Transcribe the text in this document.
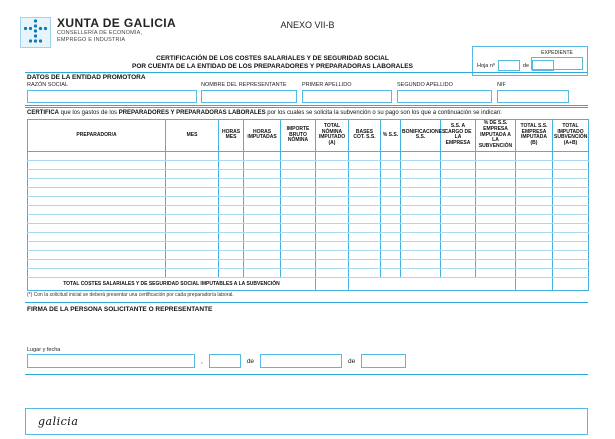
XUNTA DE GALICIA
CONSELLERÍA DE ECONOMÍA,
EMPREGO E INDUSTRIA
ANEXO VII-B
CERTIFICACIÓN DE LOS COSTES SALARIALES Y DE SEGURIDAD SOCIAL
POR CUENTA DE LA ENTIDAD DE LOS PREPARADORES Y PREPARADORAS LABORALES
EXPEDIENTE
Hoja nº	de
DATOS DE LA ENTIDAD PROMOTORA
RAZÓN SOCIAL	NOMBRE DEL REPRESENTANTE	PRIMER APELLIDO	SEGUNDO APELLIDO	NIF
CERTIFICA que los gastos de los PREPARADORES Y PREPARADORAS LABORALES por los cuales se solicita la subvención o su pago son los que a continuación se indican:
PREPARADOR/A	MES	HORAS MES	HORAS IMPUTADAS	IMPORTE BRUTO NÓMINA	TOTAL NÓMINA IMPUTADO (A)	BASES COT. S.S.	% S.S.	BONIFICACIONES S.S.	S.S. A CARGO DE LA EMPRESA	% DE S.S. EMPRESA IMPUTADA A LA SUBVENCIÓN	TOTAL S.S. EMPRESA IMPUTADA (B)	TOTAL IMPUTADO SUBVENCIÓN (A+B)

TOTAL COSTES SALARIALES Y DE SEGURIDAD SOCIAL IMPUTABLES A LA SUBVENCIÓN												
(*) Con la solicitud inicial se deberá presentar una certificación por cada preparador/a laboral.
FIRMA DE LA PERSONA SOLICITANTE O REPRESENTANTE
Lugar y fecha
,	de	de
galicia
